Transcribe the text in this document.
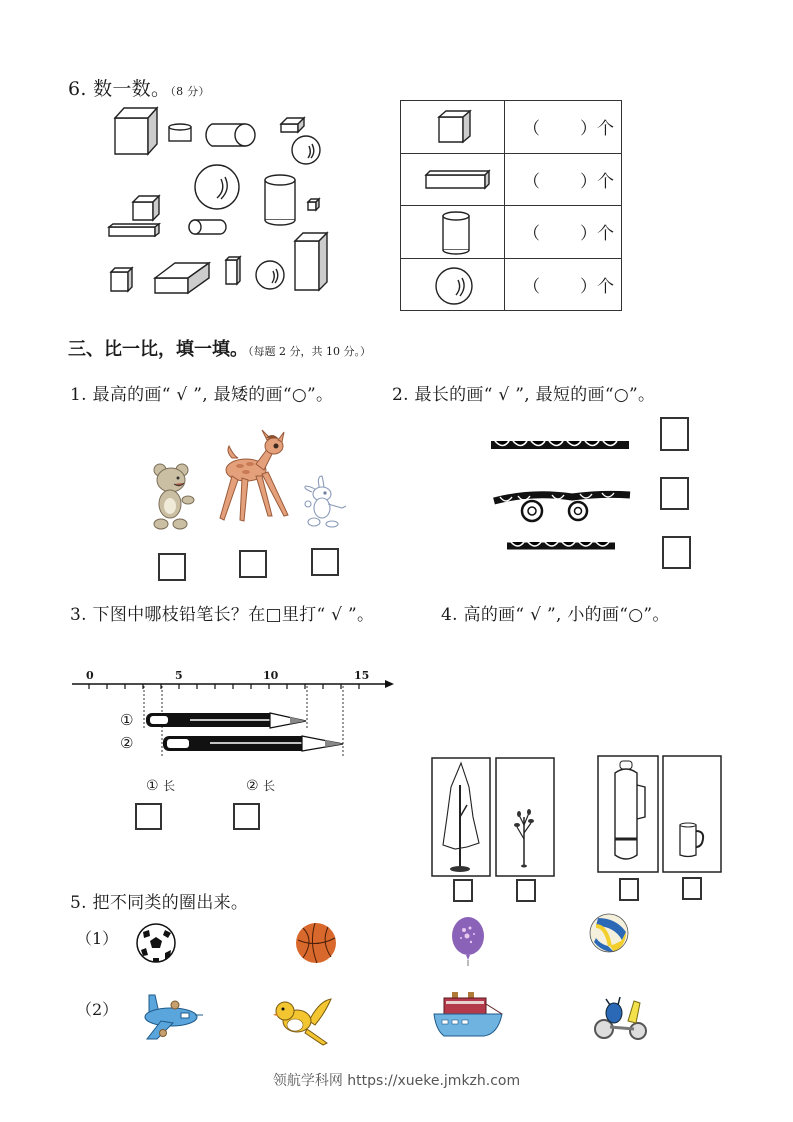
6. 数一数。（8 分）
	（ ）个

	（ ）个

	（ ）个

	（ ）个
三、比一比，填一填。（每题 2 分，共 10 分。）
1. 最高的画“ √ ”, 最矮的画“○”。	2. 最长的画“ √ ”, 最短的画“○”。
3. 下图中哪枝铅笔长？在□里打“ √ ”。	4. 高的画“ √ ”, 小的画“○”。
0	5	10	15
①
②
① 长	② 长
5. 把不同类的圈出来。
（1）
（2）
领航学科网 https://xueke.jmkzh.com
